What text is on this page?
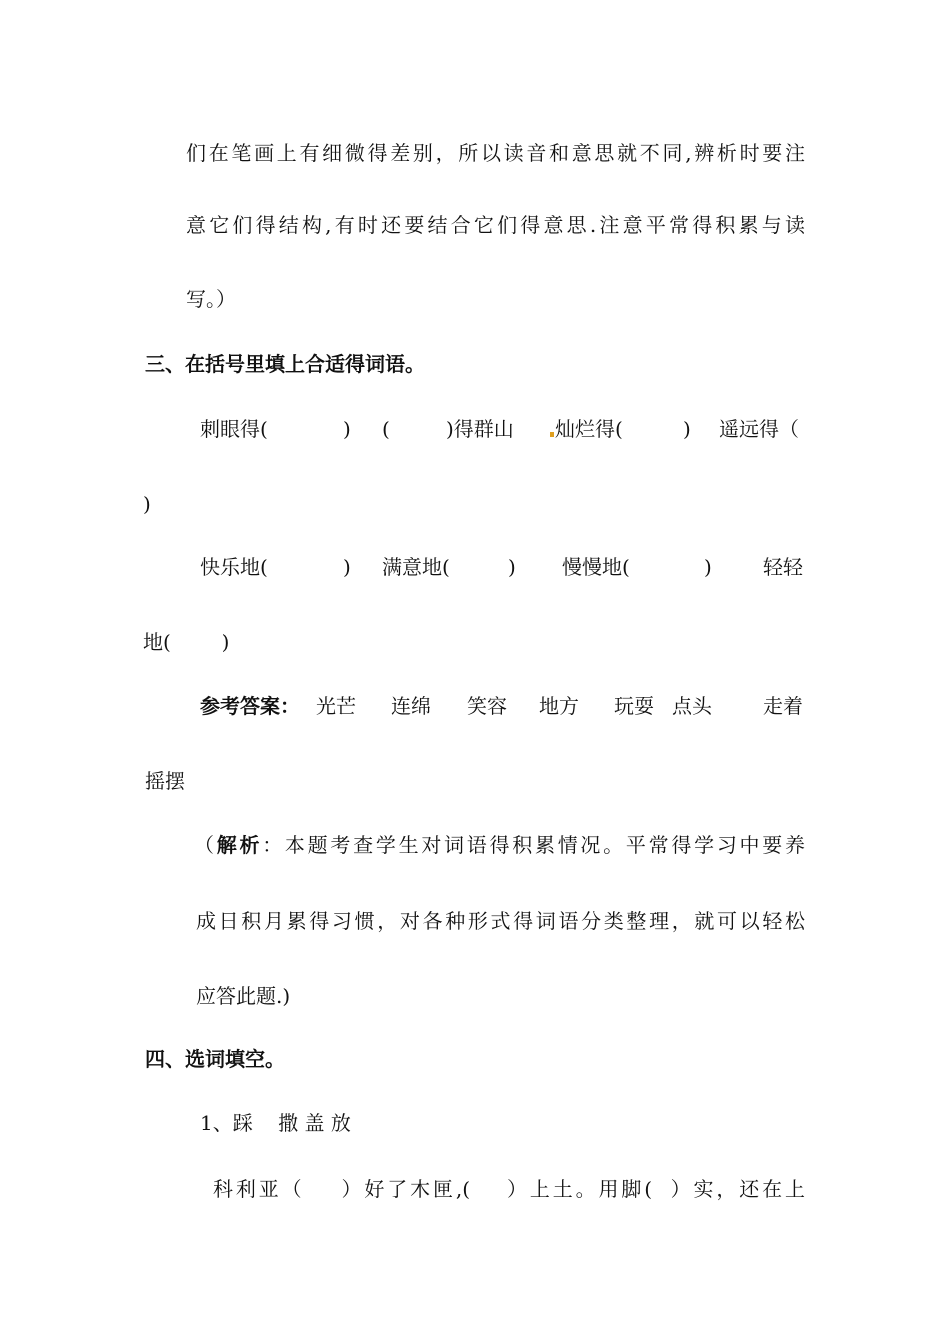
们在笔画上有细微得差别，所以读音和意思就不同,辨析时要注
意它们得结构,有时还要结合它们得意思.注意平常得积累与读
写。）
三、在括号里填上合适得词语。
刺眼得(	) (	)得群山 灿烂得(	) 遥远得（
)
快乐地(	) 满意地(	) 慢慢地(	)	轻轻
地(        )
参考答案： 光芒 连绵 笑容 地方 玩耍 点头	走着
摇摆
（解析：本题考查学生对词语得积累情况。平常得学习中要养
成日积月累得习惯，对各种形式得词语分类整理，就可以轻松
应答此题.)
四、选词填空。
1、踩    撒 盖 放
科利亚（    ）好了木匣,(    ）上土。用脚(  ）实，还在上
